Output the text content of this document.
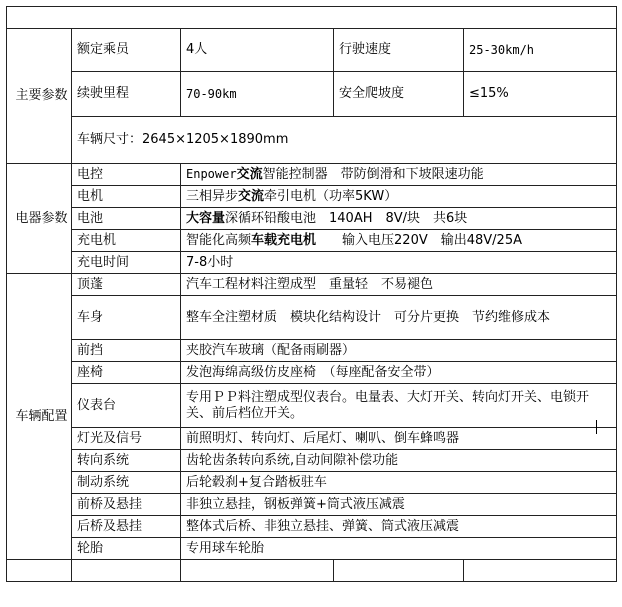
主要参数	额定乘员	4人	行驶速度	25-30km/h
	续驶里程	70-90km	安全爬坡度	≤15%
	车辆尺寸：2645×1205×1890mm			
电器参数	电控	Enpower交流智能控制器　带防倒滑和下坡限速功能		
	电机	三相异步交流牵引电机（功率5KW）		
	电池	大容量深循环铅酸电池　140AH　8V/块　共6块		
	充电机	智能化高频车载充电机　　输入电压220V　输出48V/25A		
	充电时间	7-8小时		
车辆配置	顶蓬	汽车工程材料注塑成型　重量轻　不易褪色		
	车身	整车全注塑材质　模块化结构设计　可分片更换　节约维修成本		
	前挡	夹胶汽车玻璃（配备雨刷器）		
	座椅	发泡海绵高级仿皮座椅　（每座配备安全带）		
	仪表台	专用ＰＰ料注塑成型仪表台。电量表、大灯开关、转向灯开关、电锁开关、前后档位开关。		
	灯光及信号	前照明灯、转向灯、后尾灯、喇叭、倒车蜂鸣器		
	转向系统	齿轮齿条转向系统,自动间隙补偿功能		
	制动系统	后轮毂刹+复合踏板驻车		
	前桥及悬挂	非独立悬挂，钢板弹簧+筒式液压减震		
	后桥及悬挂	整体式后桥、非独立悬挂、弹簧、筒式液压减震		
	轮胎	专用球车轮胎		
